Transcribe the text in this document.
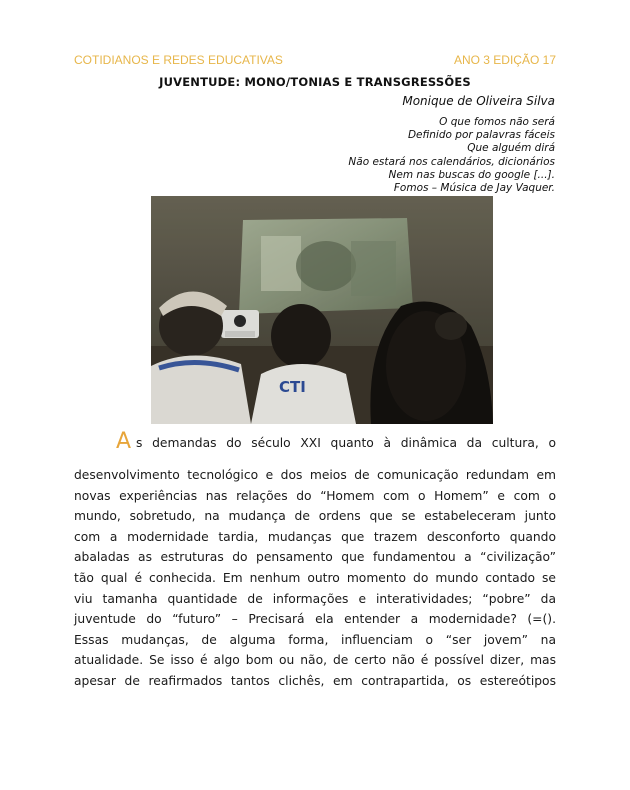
COTIDIANOS E REDES EDUCATIVAS	ANO 3 EDIÇÃO 17
JUVENTUDE: MONO/TONIAS E TRANSGRESSÕES
Monique de Oliveira Silva
O que fomos não será
Definido por palavras fáceis
Que alguém dirá
Não estará nos calendários, dicionários
Nem nas buscas do google [...].
Fomos – Música de Jay Vaquer.
CTI
A s demandas do século XXI quanto à dinâmica da cultura, o
desenvolvimento tecnológico e dos meios de comunicação redundam em
novas experiências nas relações do “Homem com o Homem” e com o
mundo, sobretudo, na mudança de ordens que se estabeleceram junto
com a modernidade tardia, mudanças que trazem desconforto quando
abaladas as estruturas do pensamento que fundamentou a “civilização”
tão qual é conhecida. Em nenhum outro momento do mundo contado se
viu tamanha quantidade de informações e interatividades; “pobre” da
juventude do “futuro” – Precisará ela entender a modernidade? (=().
Essas mudanças, de alguma forma, influenciam o “ser jovem” na
atualidade. Se isso é algo bom ou não, de certo não é possível dizer, mas
apesar de reafirmados tantos clichês, em contrapartida, os estereótipos
